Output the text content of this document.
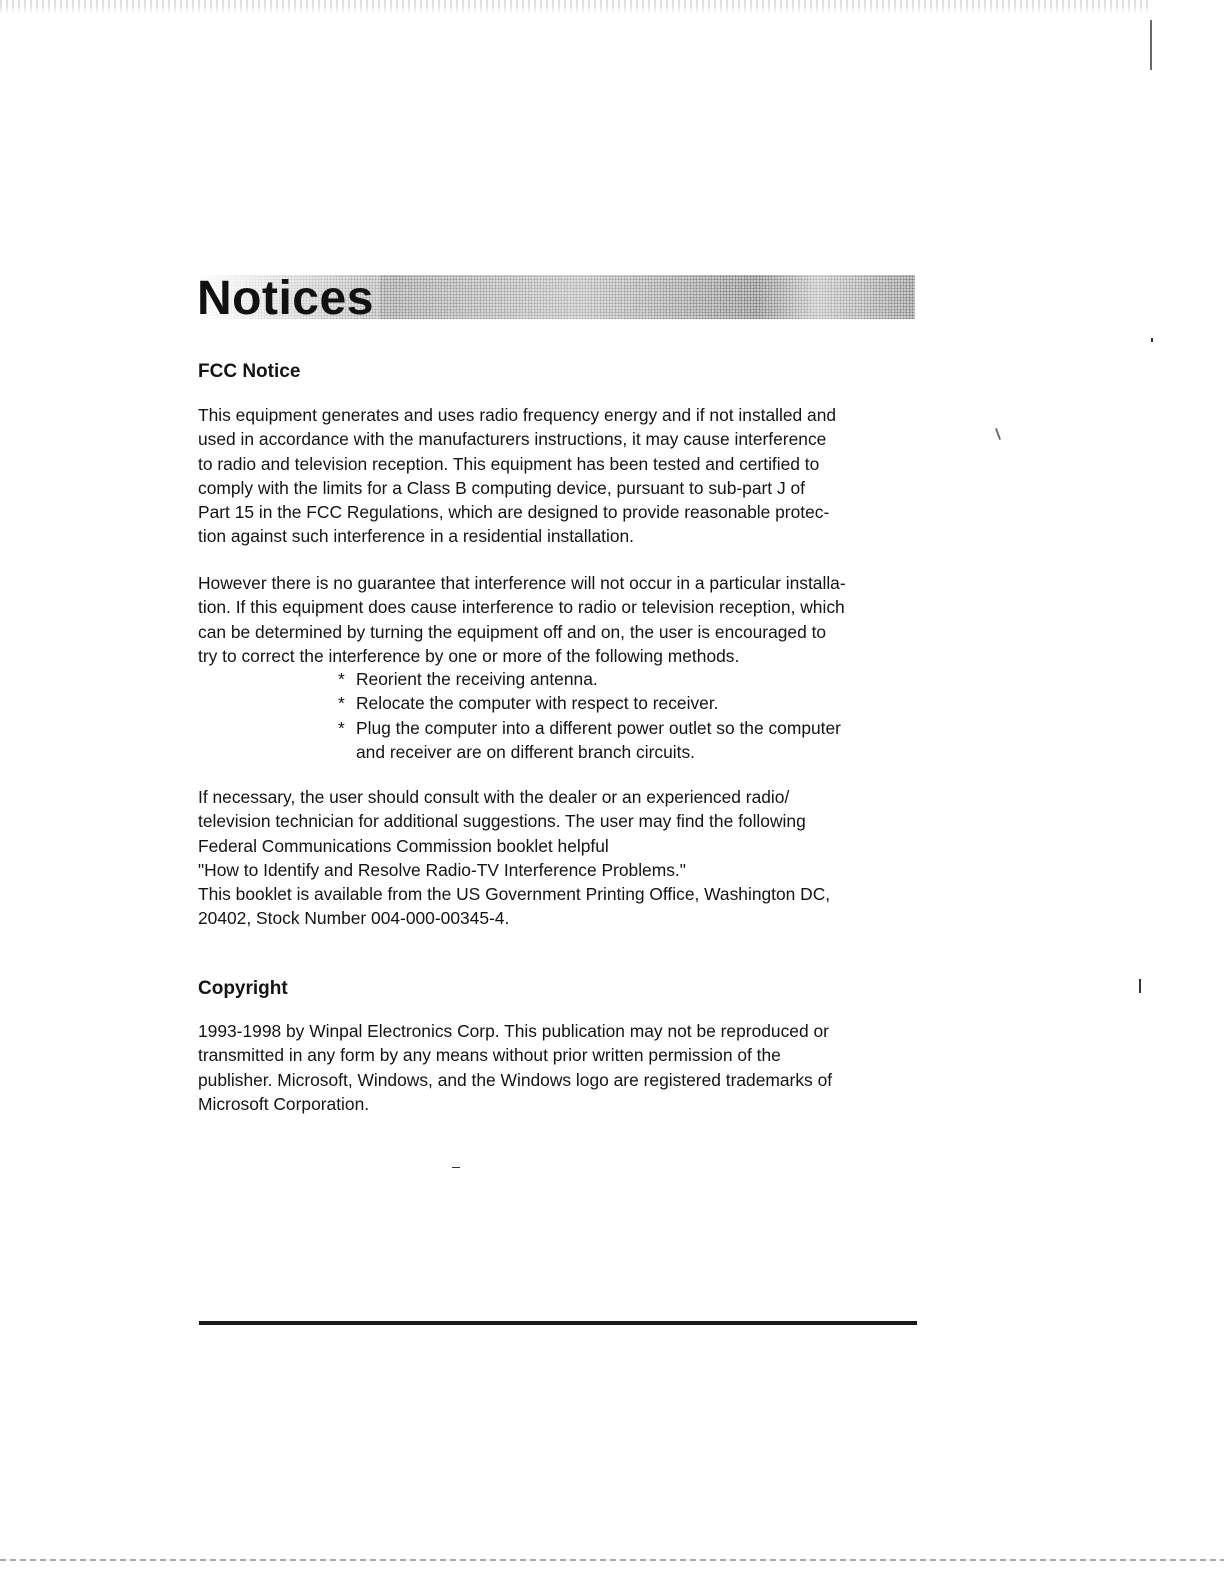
Notices
FCC Notice

This equipment generates and uses radio frequency energy and if not installed and
used in accordance with the manufacturers instructions, it may cause interference
to radio and television reception. This equipment has been tested and certified to
comply with the limits for a Class B computing device, pursuant to sub-part J of
Part 15 in the FCC Regulations, which are designed to provide reasonable protec-
tion against such interference in a residential installation.

However there is no guarantee that interference will not occur in a particular installa-
tion. If this equipment does cause interference to radio or television reception, which
can be determined by turning the equipment off and on, the user is encouraged to
try to correct the interference by one or more of the following methods.

* Reorient the receiving antenna.
* Relocate the computer with respect to receiver.
* Plug the computer into a different power outlet so the computer
and receiver are on different branch circuits.

If necessary, the user should consult with the dealer or an experienced radio/
television technician for additional suggestions. The user may find the following
Federal Communications Commission booklet helpful
"How to Identify and Resolve Radio-TV Interference Problems."
This booklet is available from the US Government Printing Office, Washington DC,
20402, Stock Number 004-000-00345-4.

Copyright

1993-1998 by Winpal Electronics Corp. This publication may not be reproduced or
transmitted in any form by any means without prior written permission of the
publisher. Microsoft, Windows, and the Windows logo are registered trademarks of
Microsoft Corporation.
